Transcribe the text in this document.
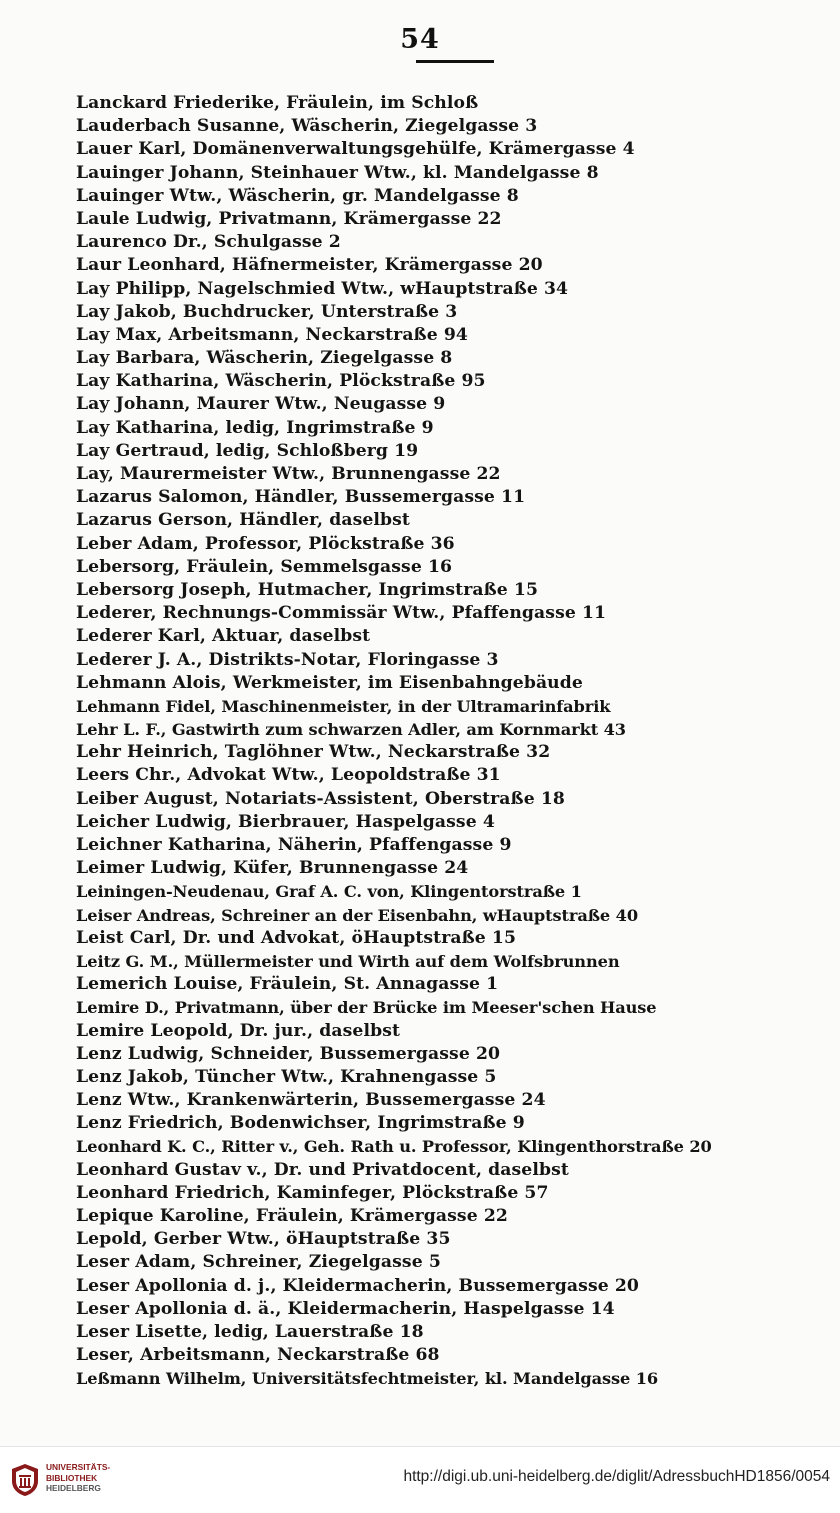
54
Lanckard Friederike, Fräulein, im Schloß
Lauderbach Susanne, Wäscherin, Ziegelgasse 3
Lauer Karl, Domänenverwaltungsgehülfe, Krämergasse 4
Lauinger Johann, Steinhauer Wtw., kl. Mandelgasse 8
Lauinger Wtw., Wäscherin, gr. Mandelgasse 8
Laule Ludwig, Privatmann, Krämergasse 22
Laurenco Dr., Schulgasse 2
Laur Leonhard, Häfnermeister, Krämergasse 20
Lay Philipp, Nagelschmied Wtw., wHauptstraße 34
Lay Jakob, Buchdrucker, Unterstraße 3
Lay Max, Arbeitsmann, Neckarstraße 94
Lay Barbara, Wäscherin, Ziegelgasse 8
Lay Katharina, Wäscherin, Plöckstraße 95
Lay Johann, Maurer Wtw., Neugasse 9
Lay Katharina, ledig, Ingrimstraße 9
Lay Gertraud, ledig, Schloßberg 19
Lay, Maurermeister Wtw., Brunnengasse 22
Lazarus Salomon, Händler, Bussemergasse 11
Lazarus Gerson, Händler, daselbst
Leber Adam, Professor, Plöckstraße 36
Lebersorg, Fräulein, Semmelsgasse 16
Lebersorg Joseph, Hutmacher, Ingrimstraße 15
Lederer, Rechnungs-Commissär Wtw., Pfaffengasse 11
Lederer Karl, Aktuar, daselbst
Lederer J. A., Distrikts-Notar, Floringasse 3
Lehmann Alois, Werkmeister, im Eisenbahngebäude
Lehmann Fidel, Maschinenmeister, in der Ultramarinfabrik
Lehr L. F., Gastwirth zum schwarzen Adler, am Kornmarkt 43
Lehr Heinrich, Taglöhner Wtw., Neckarstraße 32
Leers Chr., Advokat Wtw., Leopoldstraße 31
Leiber August, Notariats-Assistent, Oberstraße 18
Leicher Ludwig, Bierbrauer, Haspelgasse 4
Leichner Katharina, Näherin, Pfaffengasse 9
Leimer Ludwig, Küfer, Brunnengasse 24
Leiningen-Neudenau, Graf A. C. von, Klingentorstraße 1
Leiser Andreas, Schreiner an der Eisenbahn, wHauptstraße 40
Leist Carl, Dr. und Advokat, öHauptstraße 15
Leitz G. M., Müllermeister und Wirth auf dem Wolfsbrunnen
Lemerich Louise, Fräulein, St. Annagasse 1
Lemire D., Privatmann, über der Brücke im Meeser'schen Hause
Lemire Leopold, Dr. jur., daselbst
Lenz Ludwig, Schneider, Bussemergasse 20
Lenz Jakob, Tüncher Wtw., Krahnengasse 5
Lenz Wtw., Krankenwärterin, Bussemergasse 24
Lenz Friedrich, Bodenwichser, Ingrimstraße 9
Leonhard K. C., Ritter v., Geh. Rath u. Professor, Klingenthorstraße 20
Leonhard Gustav v., Dr. und Privatdocent, daselbst
Leonhard Friedrich, Kaminfeger, Plöckstraße 57
Lepique Karoline, Fräulein, Krämergasse 22
Lepold, Gerber Wtw., öHauptstraße 35
Leser Adam, Schreiner, Ziegelgasse 5
Leser Apollonia d. j., Kleidermacherin, Bussemergasse 20
Leser Apollonia d. ä., Kleidermacherin, Haspelgasse 14
Leser Lisette, ledig, Lauerstraße 18
Leser, Arbeitsmann, Neckarstraße 68
Leßmann Wilhelm, Universitätsfechtmeister, kl. Mandelgasse 16
UNIVERSITÄTS-
BIBLIOTHEK
HEIDELBERG
http://digi.ub.uni-heidelberg.de/diglit/AdressbuchHD1856/0054
